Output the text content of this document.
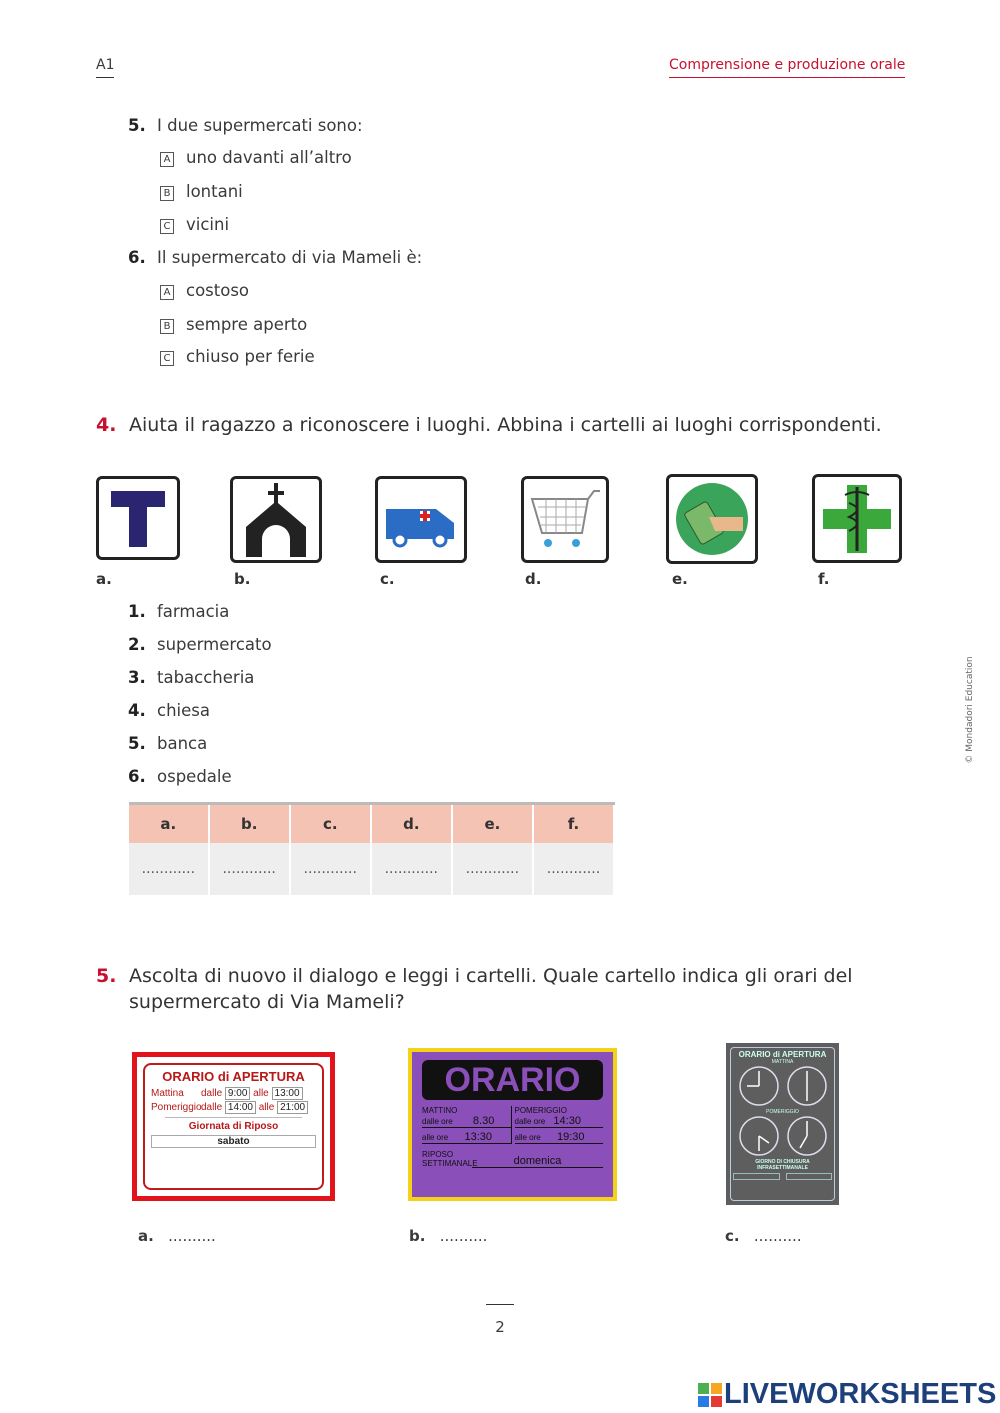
A1	Comprensione e produzione orale
5. I due supermercati sono:
A uno davanti all’altro
B lontani
C vicini
6. Il supermercato di via Mameli è:
A costoso
B sempre aperto
C chiuso per ferie
4. Aiuta il ragazzo a riconoscere i luoghi. Abbina i cartelli ai luoghi corrispondenti.
a.	b.	c.	d.	e.	f.
1. farmacia
2. supermercato
3. tabaccheria
4. chiesa
5. banca
6. ospedale
a.	b.	c.	d.	e.	f.
............	............	............	............	............	............
5. Ascolta di nuovo il dialogo e leggi i cartelli. Quale cartello indica gli orari del
supermercato di Via Mameli?
ORARIO di APERTURA
Mattina dalle 9:00 alle 13:00
Pomeriggiodalle 14:00 alle 21:00
Giornata di Riposo
sabato
ORARIO
MATTINO
dalle ore 8.30
alle ore 13:30
POMERIGGIO
dalle ore 14:30
alle ore 19:30
RIPOSO SETTIMANALE	domenica
ORARIO di APERTURA
MATTINA
POMERIGGIO
GIORNO DI CHIUSURA INFRASETTIMANALE
a. ..........	b. ..........	c. ..........
2
© Mondadori Education
LIVEWORKSHEETS
